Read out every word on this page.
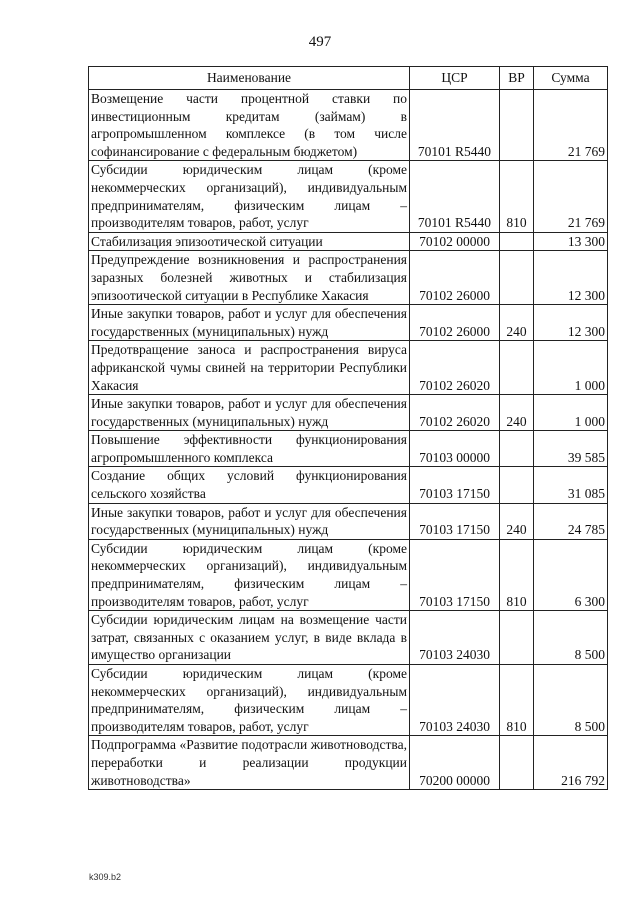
497
Наименование	ЦСР	ВР	Сумма
Возмещение части процентной ставки по инвестиционным кредитам (займам) в агропромышленном комплексе (в том числе софинансирование с федеральным бюджетом)	70101 R5440		21 769
Субсидии юридическим лицам (кроме некоммерческих организаций), индивидуальным предпринимателям, физическим лицам – производителям товаров, работ, услуг	70101 R5440	810	21 769
Стабилизация эпизоотической ситуации	70102 00000		13 300
Предупреждение возникновения и распространения заразных болезней животных и стабилизация эпизоотической ситуации в Республике Хакасия	70102 26000		12 300
Иные закупки товаров, работ и услуг для обеспечения государственных (муниципальных) нужд	70102 26000	240	12 300
Предотвращение заноса и распространения вируса африканской чумы свиней на территории Республики Хакасия	70102 26020		1 000
Иные закупки товаров, работ и услуг для обеспечения государственных (муниципальных) нужд	70102 26020	240	1 000
Повышение эффективности функционирования агропромышленного комплекса	70103 00000		39 585
Создание общих условий функционирования сельского хозяйства	70103 17150		31 085
Иные закупки товаров, работ и услуг для обеспечения государственных (муниципальных) нужд	70103 17150	240	24 785
Субсидии юридическим лицам (кроме некоммерческих организаций), индивидуальным предпринимателям, физическим лицам – производителям товаров, работ, услуг	70103 17150	810	6 300
Субсидии юридическим лицам на возмещение части затрат, связанных с оказанием услуг, в виде вклада в имущество организации	70103 24030		8 500
Субсидии юридическим лицам (кроме некоммерческих организаций), индивидуальным предпринимателям, физическим лицам – производителям товаров, работ, услуг	70103 24030	810	8 500
Подпрограмма «Развитие подотрасли животноводства, переработки и реализации продукции животноводства»	70200 00000		216 792
k309.b2
